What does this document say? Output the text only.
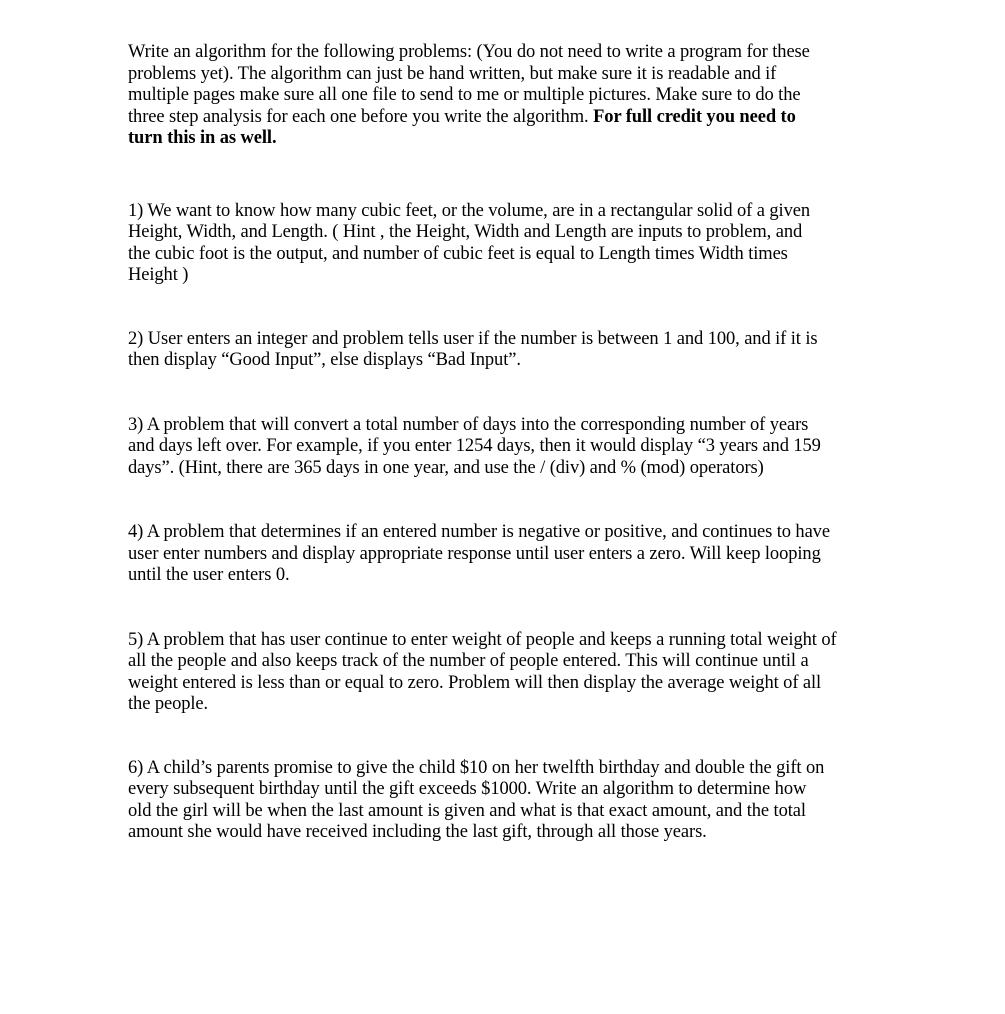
Write an algorithm for the following problems: (You do not need to write a program for these
problems yet). The algorithm can just be hand written, but make sure it is readable and if
multiple pages make sure all one file to send to me or multiple pictures. Make sure to do the
three step analysis for each one before you write the algorithm. For full credit you need to
turn this in as well.

1) We want to know how many cubic feet, or the volume, are in a rectangular solid of a given
Height, Width, and Length. ( Hint , the Height, Width and Length are inputs to problem, and
the cubic foot is the output, and number of cubic feet is equal to Length times Width times
Height )

2) User enters an integer and problem tells user if the number is between 1 and 100, and if it is
then display “Good Input”, else displays “Bad Input”.

3) A problem that will convert a total number of days into the corresponding number of years
and days left over. For example, if you enter 1254 days, then it would display “3 years and 159
days”. (Hint, there are 365 days in one year, and use the / (div) and % (mod) operators)

4) A problem that determines if an entered number is negative or positive, and continues to have
user enter numbers and display appropriate response until user enters a zero. Will keep looping
until the user enters 0.

5) A problem that has user continue to enter weight of people and keeps a running total weight of
all the people and also keeps track of the number of people entered. This will continue until a
weight entered is less than or equal to zero. Problem will then display the average weight of all
the people.

6) A child’s parents promise to give the child $10 on her twelfth birthday and double the gift on
every subsequent birthday until the gift exceeds $1000. Write an algorithm to determine how
old the girl will be when the last amount is given and what is that exact amount, and the total
amount she would have received including the last gift, through all those years.
